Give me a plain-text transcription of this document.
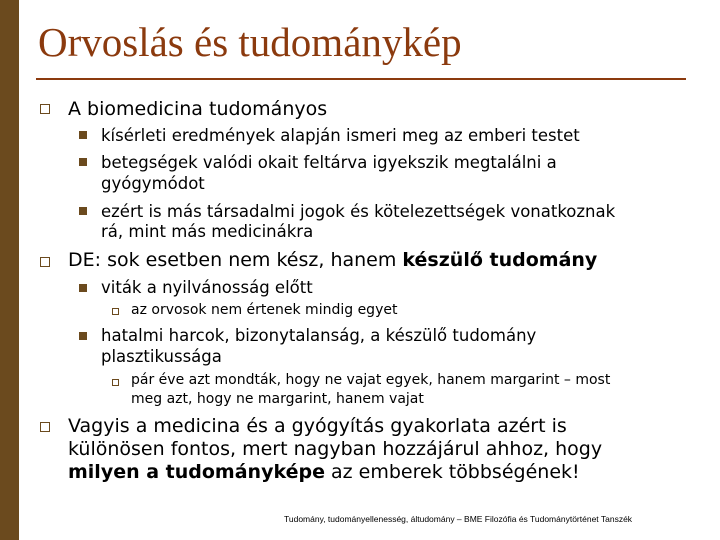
Orvoslás és tudománykép
A biomedicina tudományos
kísérleti eredmények alapján ismeri meg az emberi testet
betegségek valódi okait feltárva igyekszik megtalálni a
gyógymódot
ezért is más társadalmi jogok és kötelezettségek vonatkoznak
rá, mint más medicinákra
DE: sok esetben nem kész, hanem készülő tudomány
viták a nyilvánosság előtt
az orvosok nem értenek mindig egyet
hatalmi harcok, bizonytalanság, a készülő tudomány
plasztikussága
pár éve azt mondták, hogy ne vajat egyek, hanem margarint – most
meg azt, hogy ne margarint, hanem vajat
Vagyis a medicina és a gyógyítás gyakorlata azért is
különösen fontos, mert nagyban hozzájárul ahhoz, hogy
milyen a tudományképe az emberek többségének!
Tudomány, tudományellenesség, áltudomány – BME Filozófia és Tudománytörténet Tanszék
